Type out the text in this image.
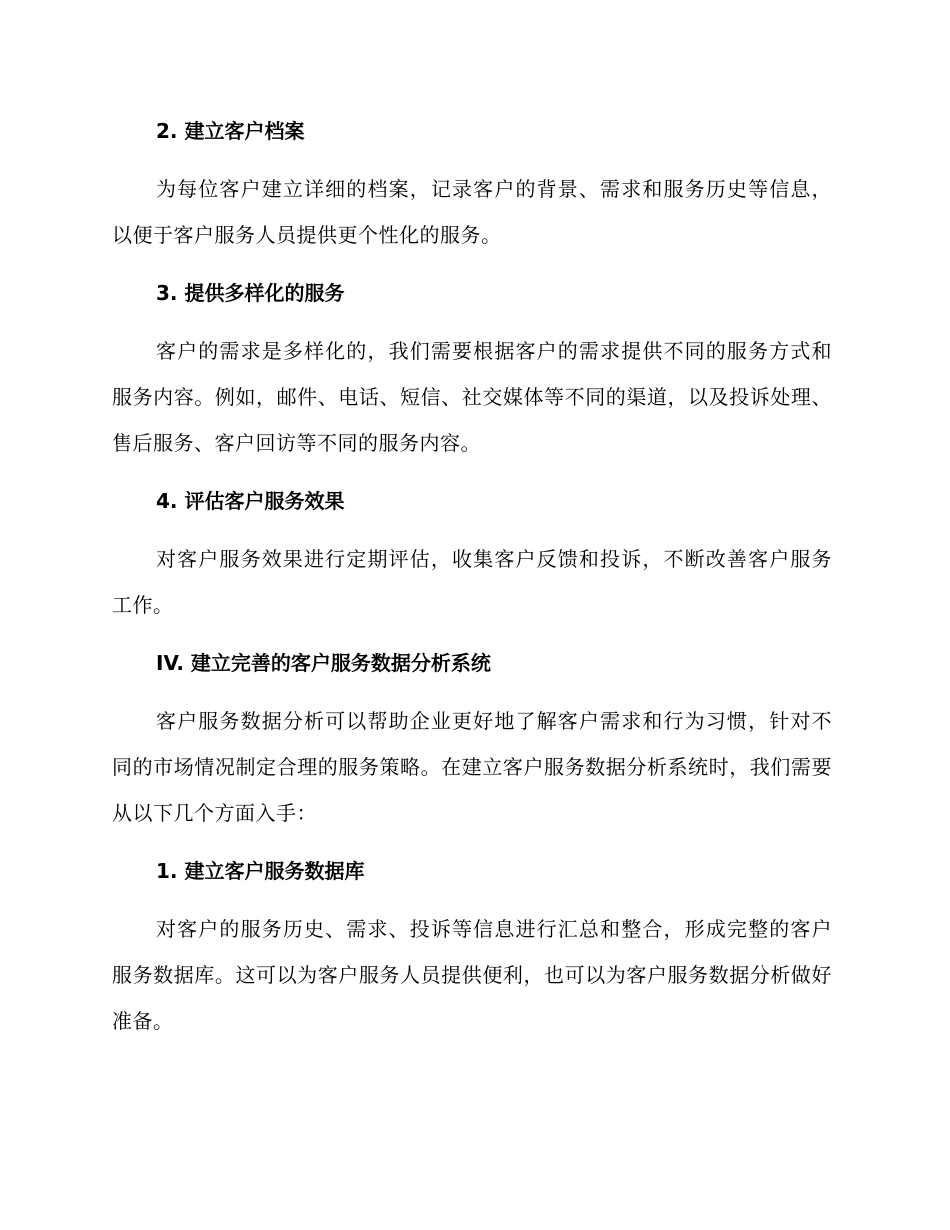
2. 建立客户档案

为每位客户建立详细的档案，记录客户的背景、需求和服务历史等信息，以便于客户服务人员提供更个性化的服务。

3. 提供多样化的服务

客户的需求是多样化的，我们需要根据客户的需求提供不同的服务方式和服务内容。例如，邮件、电话、短信、社交媒体等不同的渠道，以及投诉处理、售后服务、客户回访等不同的服务内容。

4. 评估客户服务效果

对客户服务效果进行定期评估，收集客户反馈和投诉，不断改善客户服务工作。

IV. 建立完善的客户服务数据分析系统

客户服务数据分析可以帮助企业更好地了解客户需求和行为习惯，针对不同的市场情况制定合理的服务策略。在建立客户服务数据分析系统时，我们需要从以下几个方面入手：

1. 建立客户服务数据库

对客户的服务历史、需求、投诉等信息进行汇总和整合，形成完整的客户服务数据库。这可以为客户服务人员提供便利，也可以为客户服务数据分析做好准备。
